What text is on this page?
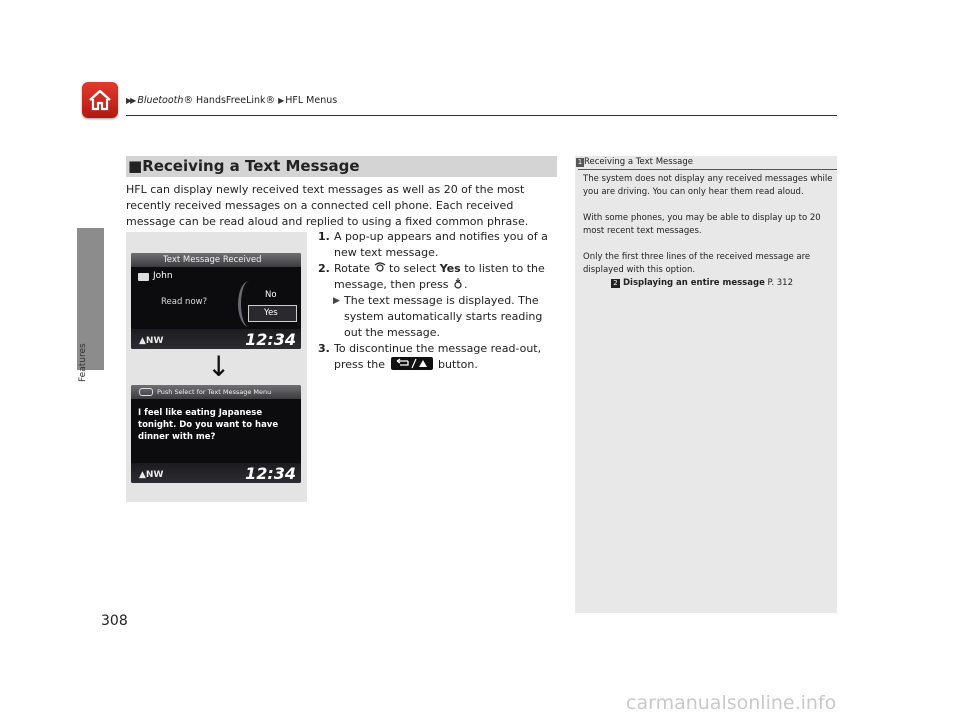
▶▶ Bluetooth® HandsFreeLink® ▶ HFL Menus
Features
308
■Receiving a Text Message
HFL can display newly received text messages as well as 20 of the most recently received messages on a connected cell phone. Each received message can be read aloud and replied to using a fixed common phrase.
Text Message Received
John
Read now?
No
Yes
▲NW	12:34
↓
Push Select for Text Message Menu
I feel like eating Japanese tonight. Do you want to have dinner with me?
▲NW	12:34
1. A pop-up appears and notifies you of a new text message.
2. Rotate to select Yes to listen to the message, then press .
▶ The text message is displayed. The system automatically starts reading out the message.
3. To discontinue the message read-out, press the	button.
1 Receiving a Text Message

The system does not display any received messages while you are driving. You can only hear them read aloud.

With some phones, you may be able to display up to 20 most recent text messages.

Only the first three lines of the received message are displayed with this option.
2 Displaying an entire message P. 312
carmanualsonline.info
